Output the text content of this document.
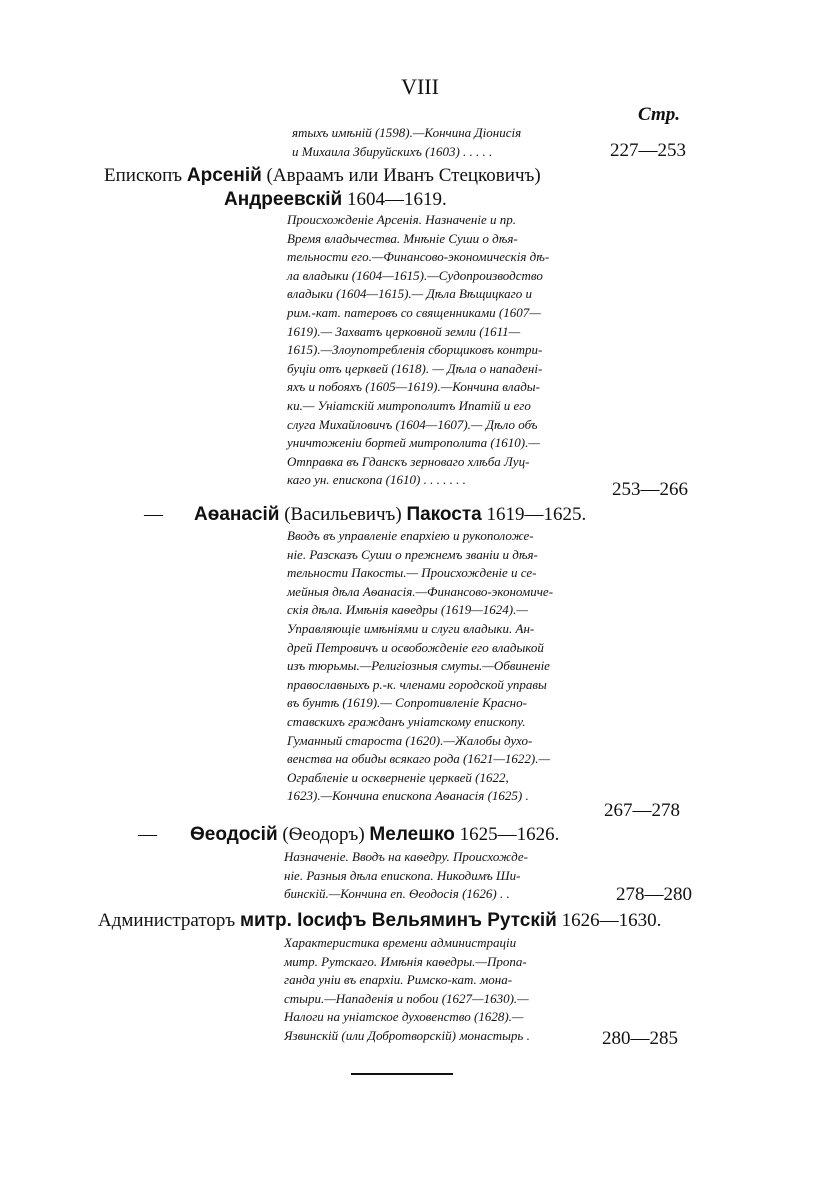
VIII
Стр.
ятыхъ имѣній (1598).—Кончина Діонисія
и Михаила Збируйскихъ (1603) . . . . .	227—253
Епископъ Арсеній (Авраамъ или Иванъ Стецковичъ)
Андреевскій 1604—1619.
Происхожденіе Арсенія. Назначеніе и пр.
Время владычества. Мнѣніе Суши о дѣя-
тельности его.—Финансово-экономическія дѣ-
ла владыки (1604—1615).—Судопроизводство
владыки (1604—1615).— Дѣла Вѣщицкаго и
рим.-кат. патеровъ со священниками (1607—
1619).— Захватъ церковной земли (1611—
1615).—Злоупотребленія сборщиковъ контри-
буціи отъ церквей (1618). — Дѣла о нападені-
яхъ и побояхъ (1605—1619).—Кончина влады-
ки.— Уніатскій митрополитъ Ипатій и его
слуга Михайловичъ (1604—1607).— Дѣло объ
уничтоженіи бортей митрополита (1610).—
Отправка въ Гданскъ зерноваго хлѣба Луц-
каго ун. епископа (1610) . . . . . . .	253—266
— Аѳанасій (Васильевичъ) Пакоста 1619—1625.
Вводъ въ управленіе епархіею и рукоположе-
ніе. Разсказъ Суши о прежнемъ званіи и дѣя-
тельности Пакосты.— Происхожденіе и се-
мейныя дѣла Аѳанасія.—Финансово-экономиче-
скія дѣла. Имѣнія каѳедры (1619—1624).—
Управляющіе имѣніями и слуги владыки. Ан-
дрей Петровичъ и освобожденіе его владыкой
изъ тюрьмы.—Религіозныя смуты.—Обвиненіе
православныхъ р.-к. членами городской управы
въ бунтѣ (1619).— Сопротивленіе Красно-
ставскихъ гражданъ уніатскому епископу.
Гуманный староста (1620).—Жалобы духо-
венства на обиды всякаго рода (1621—1622).—
Ограбленіе и оскверненіе церквей (1622,
1623).—Кончина епископа Аѳанасія (1625) .
267—278
— Ѳеодосій (Ѳеодоръ) Мелешко 1625—1626.
Назначеніе. Вводъ на каѳедру. Происхожде-
ніе. Разныя дѣла епископа. Никодимъ Ши-
бинскій.—Кончина еп. Ѳеодосія (1626) . .	278—280
Администраторъ митр. Іосифъ Вельяминъ Рутскій 1626—1630.
Характеристика времени администраціи
митр. Рутскаго. Имѣнія каѳедры.—Пропа-
ганда уніи въ епархіи. Римско-кат. мона-
стыри.—Нападенія и побои (1627—1630).—
Налоги на уніатское духовенство (1628).—
Язвинскій (или Добротворскій) монастырь .	280—285
